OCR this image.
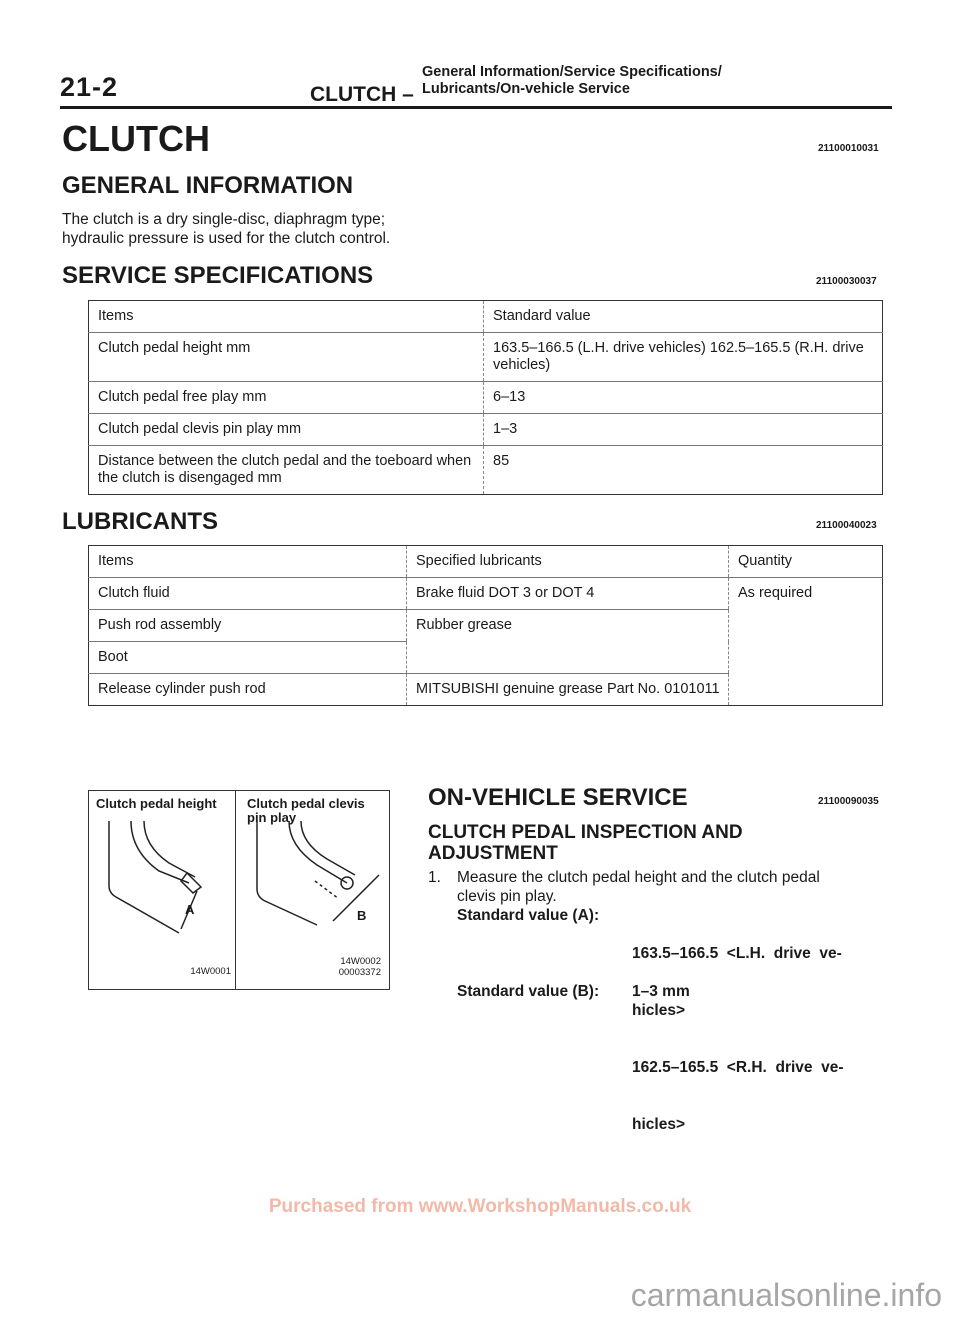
21-2	CLUTCH –
General Information/Service Specifications/
Lubricants/On-vehicle Service
CLUTCH	21100010031
GENERAL INFORMATION
The clutch is a dry single-disc, diaphragm type;
hydraulic pressure is used for the clutch control.
SERVICE SPECIFICATIONS	21100030037
Items	Standard value
Clutch pedal height mm	163.5–166.5 (L.H. drive vehicles) 162.5–165.5 (R.H. drive vehicles)
Clutch pedal free play mm	6–13
Clutch pedal clevis pin play mm	1–3
Distance between the clutch pedal and the toeboard when the clutch is disengaged mm	85
LUBRICANTS	21100040023
Items	Specified lubricants	Quantity
Clutch fluid	Brake fluid DOT 3 or DOT 4	As required
Push rod assembly	Rubber grease	
Boot		
Release cylinder push rod	MITSUBISHI genuine grease Part No. 0101011	
Clutch pedal height Clutch pedal clevis
pin play
A	B
14W0001
14W0002
00003372
ON-VEHICLE SERVICE	21100090035
CLUTCH PEDAL INSPECTION AND
ADJUSTMENT
1. Measure the clutch pedal height and the clutch pedal
clevis pin play.
Standard value (A):

163.5–166.5  <L.H.  drive  ve-

hicles>

162.5–165.5  <R.H.  drive  ve-

hicles>

Standard value (B): 1–3 mm
Purchased from www.WorkshopManuals.co.uk
carmanualsonline.info
